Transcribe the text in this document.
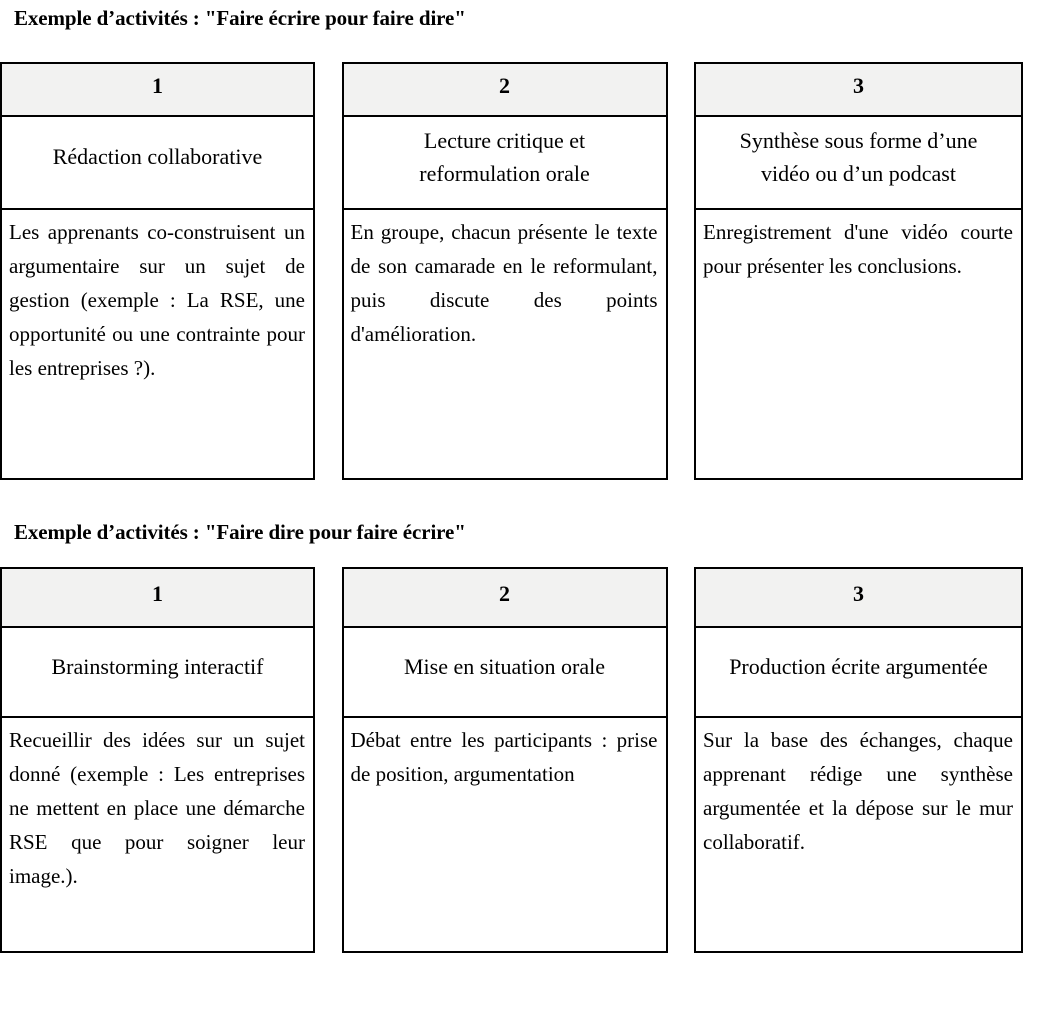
Exemple d’activités : "Faire écrire pour faire dire"
1
Rédaction collaborative
Les apprenants co-construisent un argumentaire sur un sujet de gestion (exemple : La RSE, une opportunité ou une contrainte pour les entreprises ?).
2
Lecture critique et reformulation orale
En groupe, chacun présente le texte de son camarade en le reformulant, puis discute des points d'amélioration.
3
Synthèse sous forme d’une vidéo ou d’un podcast
Enregistrement d'une vidéo courte pour présenter les conclusions.
Exemple d’activités : "Faire dire pour faire écrire"
1
Brainstorming interactif
Recueillir des idées sur un sujet donné (exemple : Les entreprises ne mettent en place une démarche RSE que pour soigner leur image.).
2
Mise en situation orale
Débat entre les participants : prise de position, argumentation
3
Production écrite argumentée
Sur la base des échanges, chaque apprenant rédige une synthèse argumentée et la dépose sur le mur collaboratif.
